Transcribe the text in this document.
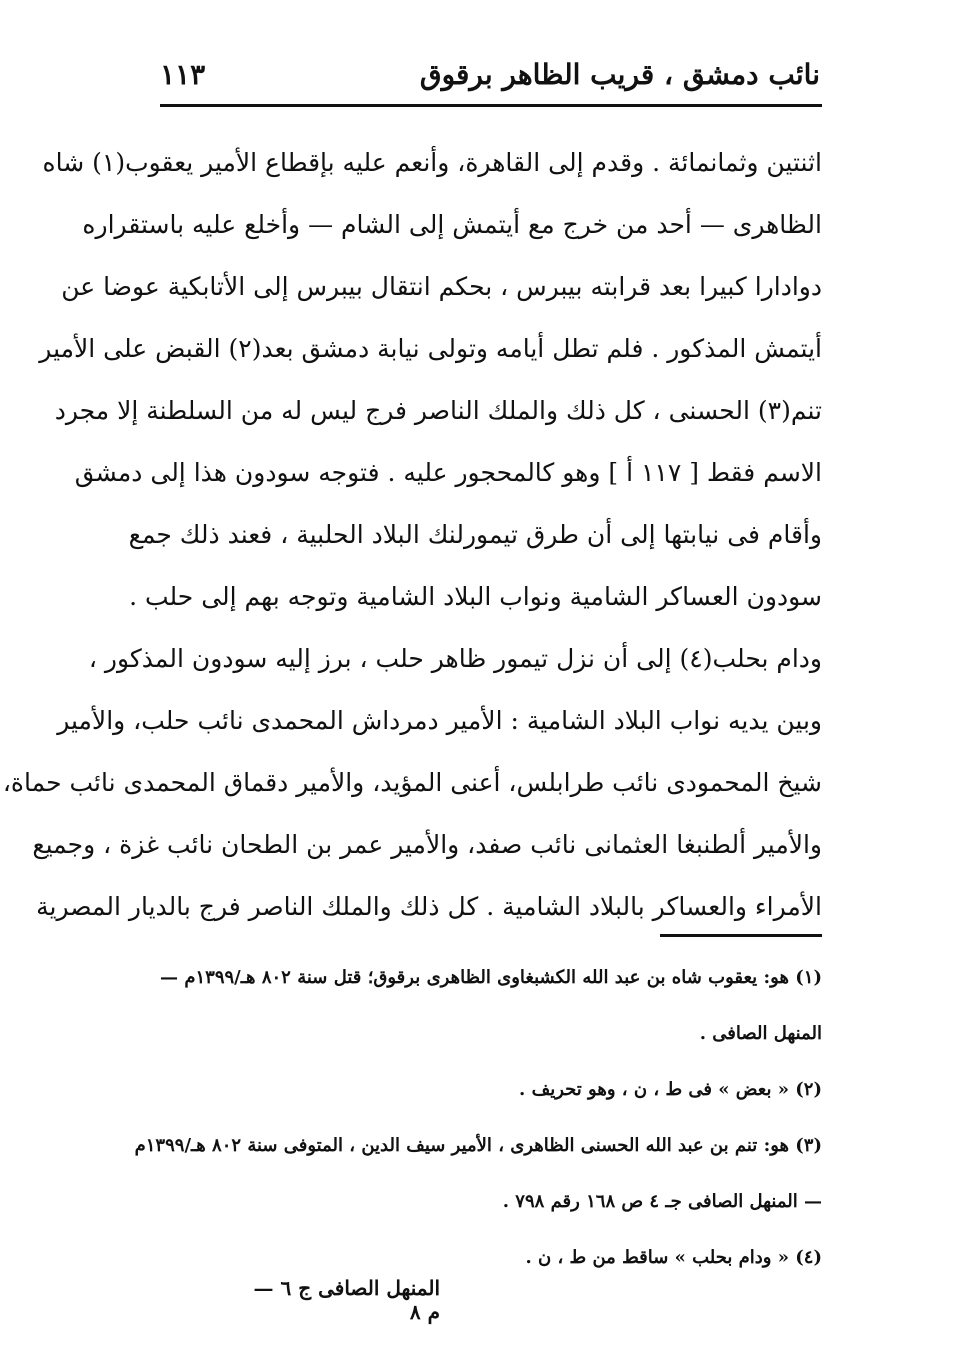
نائب دمشق ، قريب الظاهر برقوق
١١٣
اثنتين وثمانمائة . وقدم إلى القاهرة، وأنعم عليه بإقطاع الأمير يعقوب(١) شاه
الظاهرى — أحد من خرج مع أيتمش إلى الشام — وأخلع عليه باستقراره
دوادارا كبيرا بعد قرابته بيبرس ، بحكم انتقال بيبرس إلى الأتابكية عوضا عن
أيتمش المذكور . فلم تطل أيامه وتولى نيابة دمشق بعد(٢) القبض على الأمير
تنم(٣) الحسنى ، كل ذلك والملك الناصر فرج ليس له من السلطنة إلا مجرد
الاسم فقط [ ١١٧ أ ] وهو كالمحجور عليه . فتوجه سودون هذا إلى دمشق
وأقام فى نيابتها إلى أن طرق تيمورلنك البلاد الحلبية ، فعند ذلك جمع
سودون العساكر الشامية ونواب البلاد الشامية وتوجه بهم إلى حلب .
ودام بحلب(٤) إلى أن نزل تيمور ظاهر حلب ، برز إليه سودون المذكور ،
وبين يديه نواب البلاد الشامية : الأمير دمرداش المحمدى نائب حلب، والأمير
شيخ المحمودى نائب طرابلس، أعنى المؤيد، والأمير دقماق المحمدى نائب حماة،
والأمير ألطنبغا العثمانى نائب صفد، والأمير عمر بن الطحان نائب غزة ، وجميع
الأمراء والعساكر بالبلاد الشامية . كل ذلك والملك الناصر فرج بالديار المصرية
(١) هو: يعقوب شاه بن عبد الله الكشبغاوى الظاهرى برقوق؛ قتل سنة ٨٠٢ هـ/١٣٩٩م —
المنهل الصافى .
(٢) « بعض » فى ط ، ن ، وهو تحريف .
(٣) هو: تنم بن عبد الله الحسنى الظاهرى ، الأمير سيف الدين ، المتوفى سنة ٨٠٢ هـ/١٣٩٩م
— المنهل الصافى جـ ٤ ص ١٦٨ رقم ٧٩٨ .
(٤) « ودام بحلب » ساقط من ط ، ن .
المنهل الصافى ج ٦ — م ٨
